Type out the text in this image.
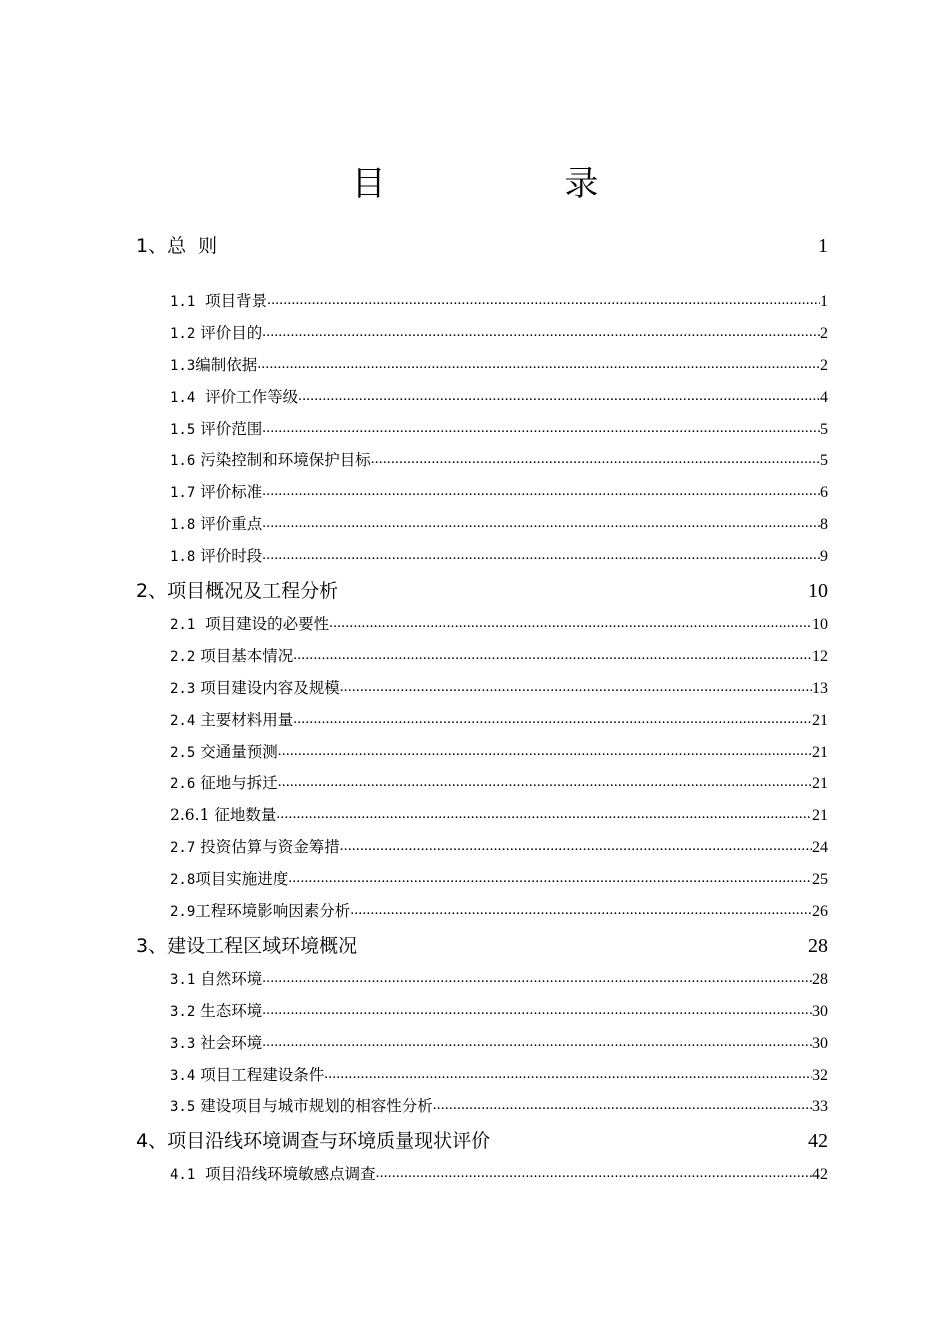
目 录
1、总  则	1
1.1 项目背景 .....	1
1.2 评价目的 .....	2
1.3 编制依据 .....	2
1.4 评价工作等级 .....	4
1.5 评价范围 .....	5
1.6 污染控制和环境保护目标 .....	5
1.7 评价标准 .....	6
1.8 评价重点 .....	8
1.8 评价时段 .....	9
2、项目概况及工程分析	10
2.1 项目建设的必要性 .....	10
2.2 项目基本情况 .....	12
2.3 项目建设内容及规模 .....	13
2.4 主要材料用量 .....	21
2.5 交通量预测 .....	21
2.6 征地与拆迁 .....	21
2.6.1 征地数量 .....	21
2.7 投资估算与资金筹措 .....	24
2.8 项目实施进度 .....	25
2.9 工程环境影响因素分析 .....	26
3、建设工程区域环境概况	28
3.1 自然环境 .....	28
3.2 生态环境 .....	30
3.3 社会环境 .....	30
3.4 项目工程建设条件 .....	32
3.5 建设项目与城市规划的相容性分析 .....	33
4、项目沿线环境调查与环境质量现状评价	42
4.1 项目沿线环境敏感点调查 .....	42
